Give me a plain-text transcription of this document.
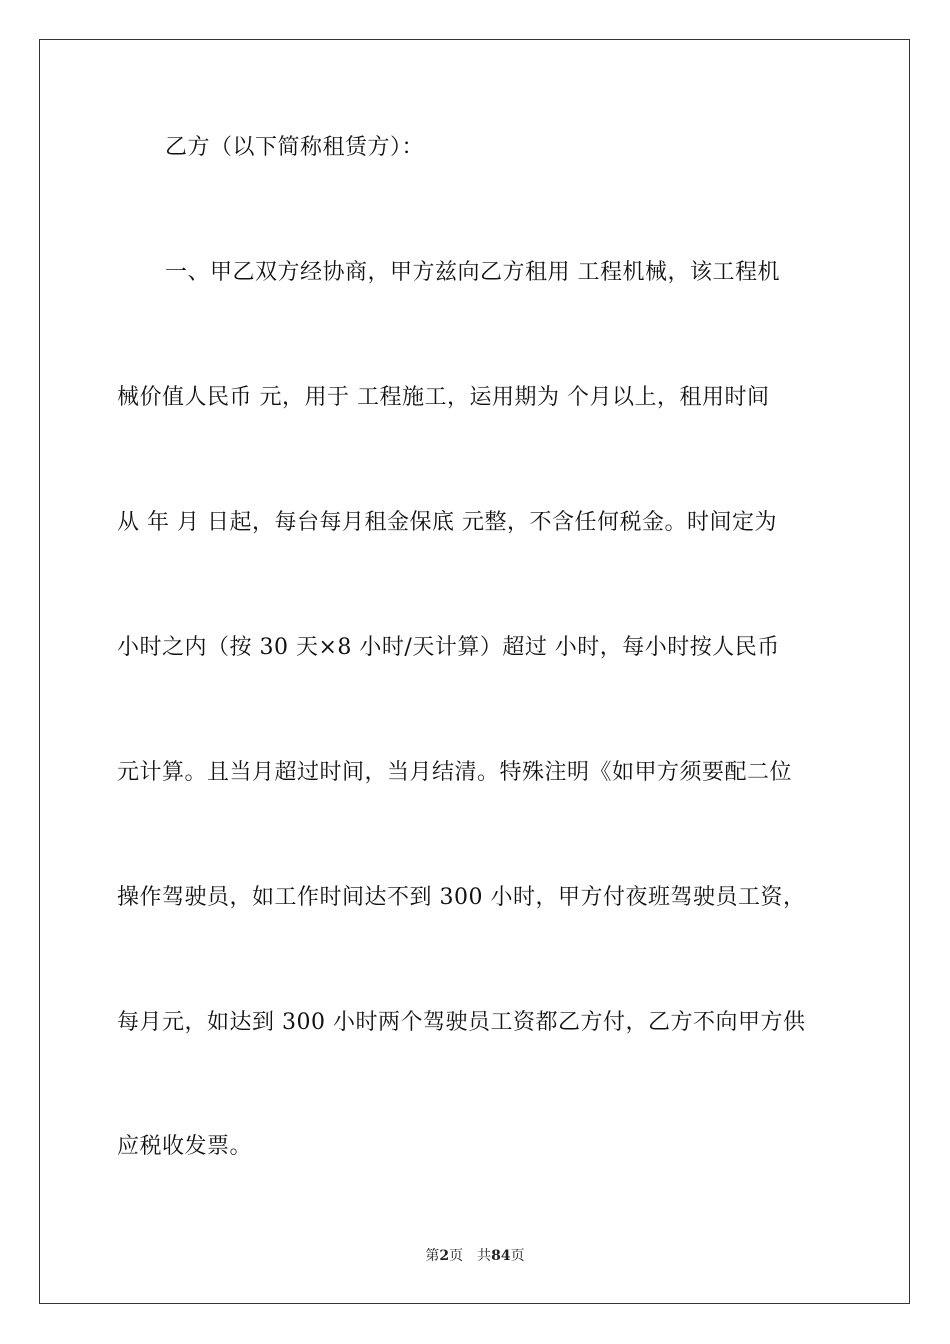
乙方（以下简称租赁方）：
一、甲乙双方经协商，甲方兹向乙方租用 工程机械，该工程机
械价值人民币 元，用于 工程施工，运用期为 个月以上，租用时间
从 年 月 日起，每台每月租金保底 元整，不含任何税金。时间定为
小时之内（按 30 天×8 小时/天计算）超过 小时，每小时按人民币
元计算。且当月超过时间，当月结清。特殊注明《如甲方须要配二位
操作驾驶员，如工作时间达不到 300 小时，甲方付夜班驾驶员工资，
每月元，如达到 300 小时两个驾驶员工资都乙方付，乙方不向甲方供
应税收发票。
第2页 共84页
